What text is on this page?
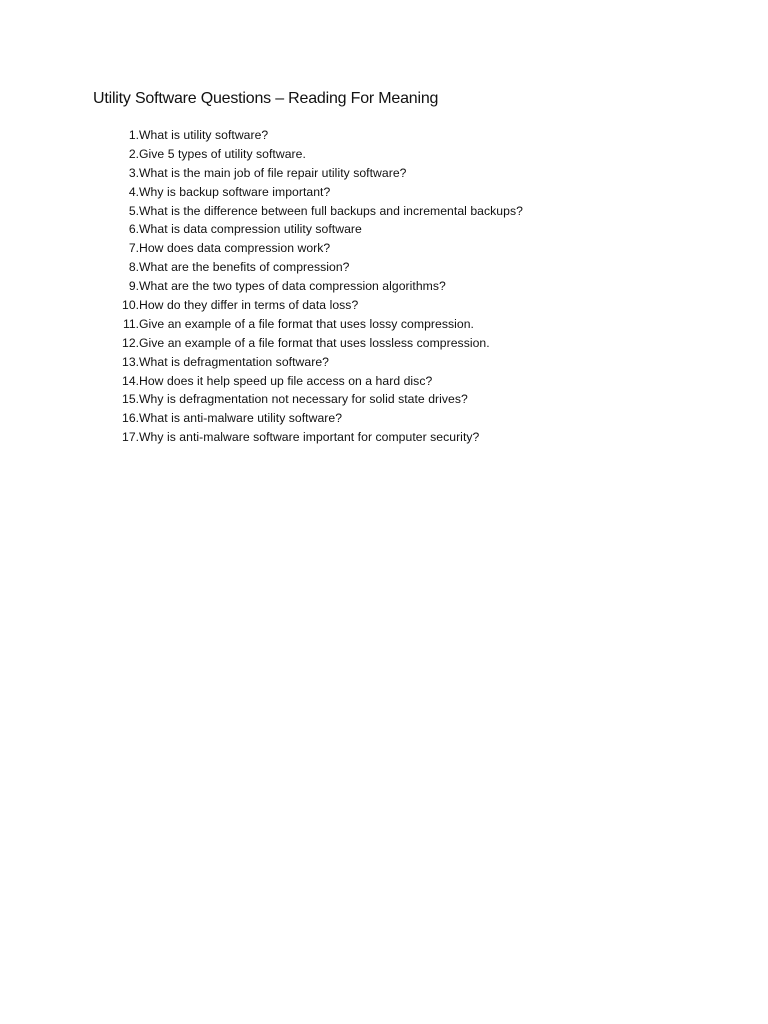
Utility Software Questions – Reading For Meaning
1. What is utility software?
2. Give 5 types of utility software.
3. What is the main job of file repair utility software?
4. Why is backup software important?
5. What is the difference between full backups and incremental backups?
6. What is data compression utility software
7. How does data compression work?
8. What are the benefits of compression?
9. What are the two types of data compression algorithms?
10. How do they differ in terms of data loss?
11. Give an example of a file format that uses lossy compression.
12. Give an example of a file format that uses lossless compression.
13. What is defragmentation software?
14. How does it help speed up file access on a hard disc?
15. Why is defragmentation not necessary for solid state drives?
16. What is anti-malware utility software?
17. Why is anti-malware software important for computer security?
